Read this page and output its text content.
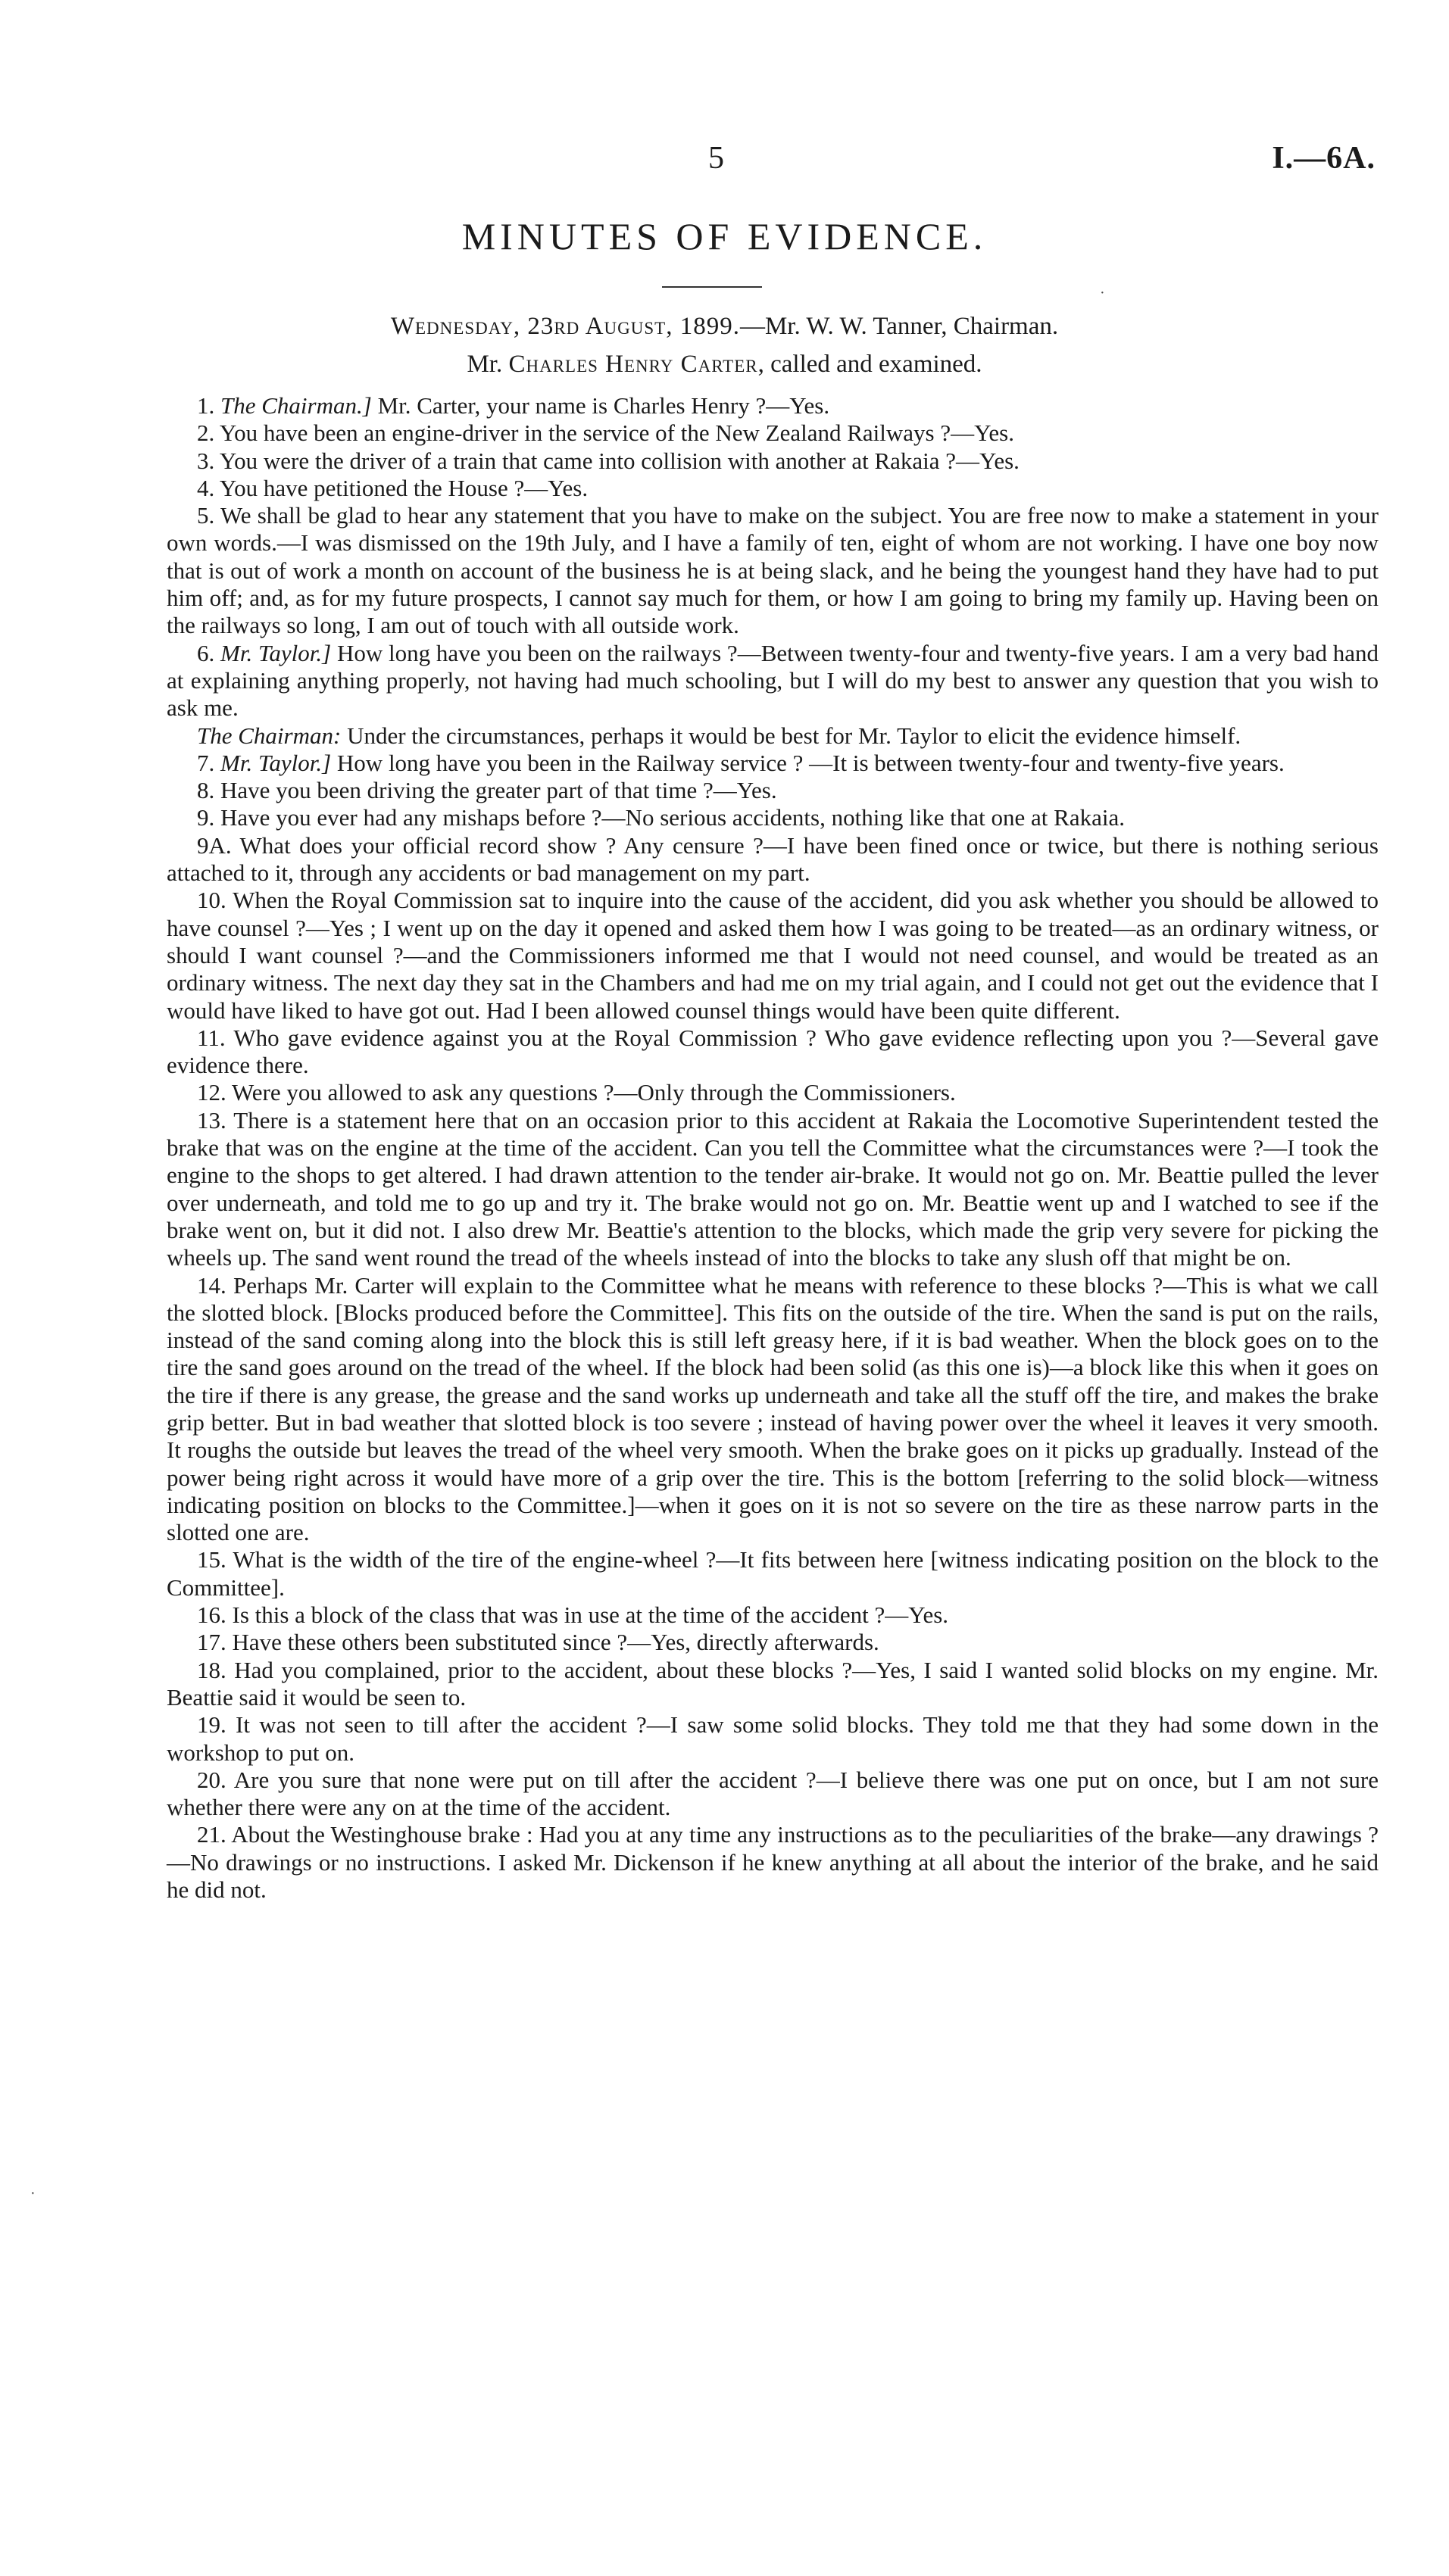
5	I.—6A.
MINUTES OF EVIDENCE.
Wednesday, 23rd August, 1899.—Mr. W. W. Tanner, Chairman.
Mr. Charles Henry Carter, called and examined.

1. The Chairman.] Mr. Carter, your name is Charles Henry ?—Yes.

2. You have been an engine-driver in the service of the New Zealand Railways ?—Yes.

3. You were the driver of a train that came into collision with another at Rakaia ?—Yes.

4. You have petitioned the House ?—Yes.

5. We shall be glad to hear any statement that you have to make on the subject. You are free now to make a statement in your own words.—I was dismissed on the 19th July, and I have a family of ten, eight of whom are not working. I have one boy now that is out of work a month on account of the business he is at being slack, and he being the youngest hand they have had to put him off; and, as for my future prospects, I cannot say much for them, or how I am going to bring my family up. Having been on the railways so long, I am out of touch with all outside work.

6. Mr. Taylor.] How long have you been on the railways ?—Between twenty-four and twenty-five years. I am a very bad hand at explaining anything properly, not having had much schooling, but I will do my best to answer any question that you wish to ask me.

The Chairman: Under the circumstances, perhaps it would be best for Mr. Taylor to elicit the evidence himself.

7. Mr. Taylor.] How long have you been in the Railway service ? —It is between twenty-four and twenty-five years.

8. Have you been driving the greater part of that time ?—Yes.

9. Have you ever had any mishaps before ?—No serious accidents, nothing like that one at Rakaia.

9A. What does your official record show ? Any censure ?—I have been fined once or twice, but there is nothing serious attached to it, through any accidents or bad management on my part.

10. When the Royal Commission sat to inquire into the cause of the accident, did you ask whether you should be allowed to have counsel ?—Yes ; I went up on the day it opened and asked them how I was going to be treated—as an ordinary witness, or should I want counsel ?—and the Commissioners informed me that I would not need counsel, and would be treated as an ordinary witness. The next day they sat in the Chambers and had me on my trial again, and I could not get out the evidence that I would have liked to have got out. Had I been allowed counsel things would have been quite different.

11. Who gave evidence against you at the Royal Commission ? Who gave evidence reflecting upon you ?—Several gave evidence there.

12. Were you allowed to ask any questions ?—Only through the Commissioners.

13. There is a statement here that on an occasion prior to this accident at Rakaia the Locomotive Superintendent tested the brake that was on the engine at the time of the accident. Can you tell the Committee what the circumstances were ?—I took the engine to the shops to get altered. I had drawn attention to the tender air-brake. It would not go on. Mr. Beattie pulled the lever over underneath, and told me to go up and try it. The brake would not go on. Mr. Beattie went up and I watched to see if the brake went on, but it did not. I also drew Mr. Beattie's attention to the blocks, which made the grip very severe for picking the wheels up. The sand went round the tread of the wheels instead of into the blocks to take any slush off that might be on.

14. Perhaps Mr. Carter will explain to the Committee what he means with reference to these blocks ?—This is what we call the slotted block. [Blocks produced before the Committee]. This fits on the outside of the tire. When the sand is put on the rails, instead of the sand coming along into the block this is still left greasy here, if it is bad weather. When the block goes on to the tire the sand goes around on the tread of the wheel. If the block had been solid (as this one is)—a block like this when it goes on the tire if there is any grease, the grease and the sand works up underneath and take all the stuff off the tire, and makes the brake grip better. But in bad weather that slotted block is too severe ; instead of having power over the wheel it leaves it very smooth. It roughs the outside but leaves the tread of the wheel very smooth. When the brake goes on it picks up gradually. Instead of the power being right across it would have more of a grip over the tire. This is the bottom [referring to the solid block—witness indicating position on blocks to the Committee.]—when it goes on it is not so severe on the tire as these narrow parts in the slotted one are.

15. What is the width of the tire of the engine-wheel ?—It fits between here [witness indicating position on the block to the Committee].

16. Is this a block of the class that was in use at the time of the accident ?—Yes.

17. Have these others been substituted since ?—Yes, directly afterwards.

18. Had you complained, prior to the accident, about these blocks ?—Yes, I said I wanted solid blocks on my engine. Mr. Beattie said it would be seen to.

19. It was not seen to till after the accident ?—I saw some solid blocks. They told me that they had some down in the workshop to put on.

20. Are you sure that none were put on till after the accident ?—I believe there was one put on once, but I am not sure whether there were any on at the time of the accident.

21. About the Westinghouse brake : Had you at any time any instructions as to the peculiarities of the brake—any drawings ?—No drawings or no instructions. I asked Mr. Dickenson if he knew anything at all about the interior of the brake, and he said he did not.

·
·
